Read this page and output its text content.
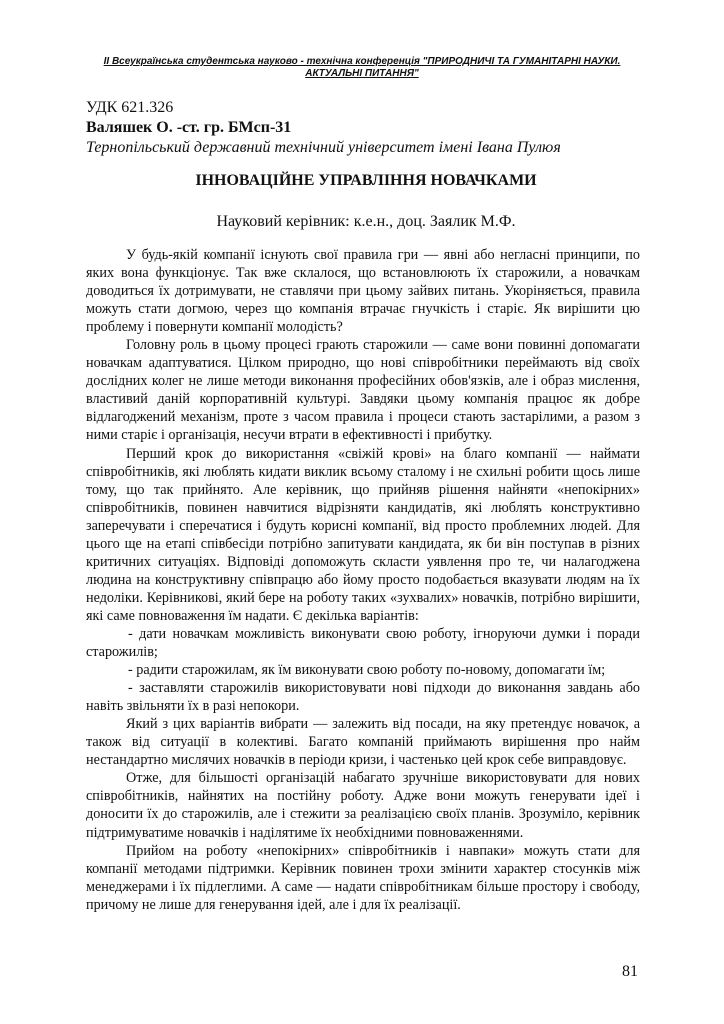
ІІ Всеукраїнська студентська науково - технічна конференція "ПРИРОДНИЧІ ТА ГУМАНІТАРНІ НАУКИ.
АКТУАЛЬНІ ПИТАННЯ"
УДК 621.326
Валяшек О. -ст. гр. БМсп-31
Тернопільський державний технічний університет імені Івана Пулюя
ІННОВАЦІЙНЕ УПРАВЛІННЯ НОВАЧКАМИ
Науковий керівник: к.е.н., доц. Заялик М.Ф.

У будь-якій компанії існують свої правила гри — явні або негласні принципи, по яких вона функціонує. Так вже склалося, що встановлюють їх старожили, а новачкам доводиться їх дотримувати, не ставлячи при цьому зайвих питань. Укоріняється, правила можуть стати догмою, через що компанія втрачає гнучкість і старіє. Як вирішити цю проблему і повернути компанії молодість?

Головну роль в цьому процесі грають старожили — саме вони повинні допомагати новачкам адаптуватися. Цілком природно, що нові співробітники переймають від своїх дослідних колег не лише методи виконання професійних обов'язків, але і образ мислення, властивий даній корпоративній культурі. Завдяки цьому компанія працює як добре відлагоджений механізм, проте з часом правила і процеси стають застарілими, а разом з ними старіє і організація, несучи втрати в ефективності і прибутку.

Перший крок до використання «свіжій крові» на благо компанії — наймати співробітників, які люблять кидати виклик всьому сталому і не схильні робити щось лише тому, що так прийнято. Але керівник, що прийняв рішення найняти «непокірних» співробітників, повинен навчитися відрізняти кандидатів, які люблять конструктивно заперечувати і сперечатися і будуть корисні компанії, від просто проблемних людей. Для цього ще на етапі співбесіди потрібно запитувати кандидата, як би він поступав в різних критичних ситуаціях. Відповіді допоможуть скласти уявлення про те, чи налагоджена людина на конструктивну співпрацю або йому просто подобається вказувати людям на їх недоліки. Керівникові, який бере на роботу таких «зухвалих» новачків, потрібно вирішити, які саме повноваження їм надати. Є декілька варіантів:

- дати новачкам можливість виконувати свою роботу, ігноруючи думки і поради старожилів;

- радити старожилам, як їм виконувати свою роботу по-новому, допомагати їм;

- заставляти старожилів використовувати нові підходи до виконання завдань або навіть звільняти їх в разі непокори.

Який з цих варіантів вибрати — залежить від посади, на яку претендує новачок, а також від ситуації в колективі. Багато компаній приймають вирішення про найм нестандартно мислячих новачків в періоди кризи, і частенько цей крок себе виправдовує.

Отже, для більшості організацій набагато зручніше використовувати для нових співробітників, найнятих на постійну роботу. Адже вони можуть генерувати ідеї і доносити їх до старожилів, але і стежити за реалізацією своїх планів. Зрозуміло, керівник підтримуватиме новачків і наділятиме їх необхідними повноваженнями.

Прийом на роботу «непокірних» співробітників і навпаки» можуть стати для компанії методами підтримки. Керівник повинен трохи змінити характер стосунків між менеджерами і їх підлеглими. А саме — надати співробітникам більше простору і свободу, причому не лише для генерування ідей, але і для їх реалізації.

81
